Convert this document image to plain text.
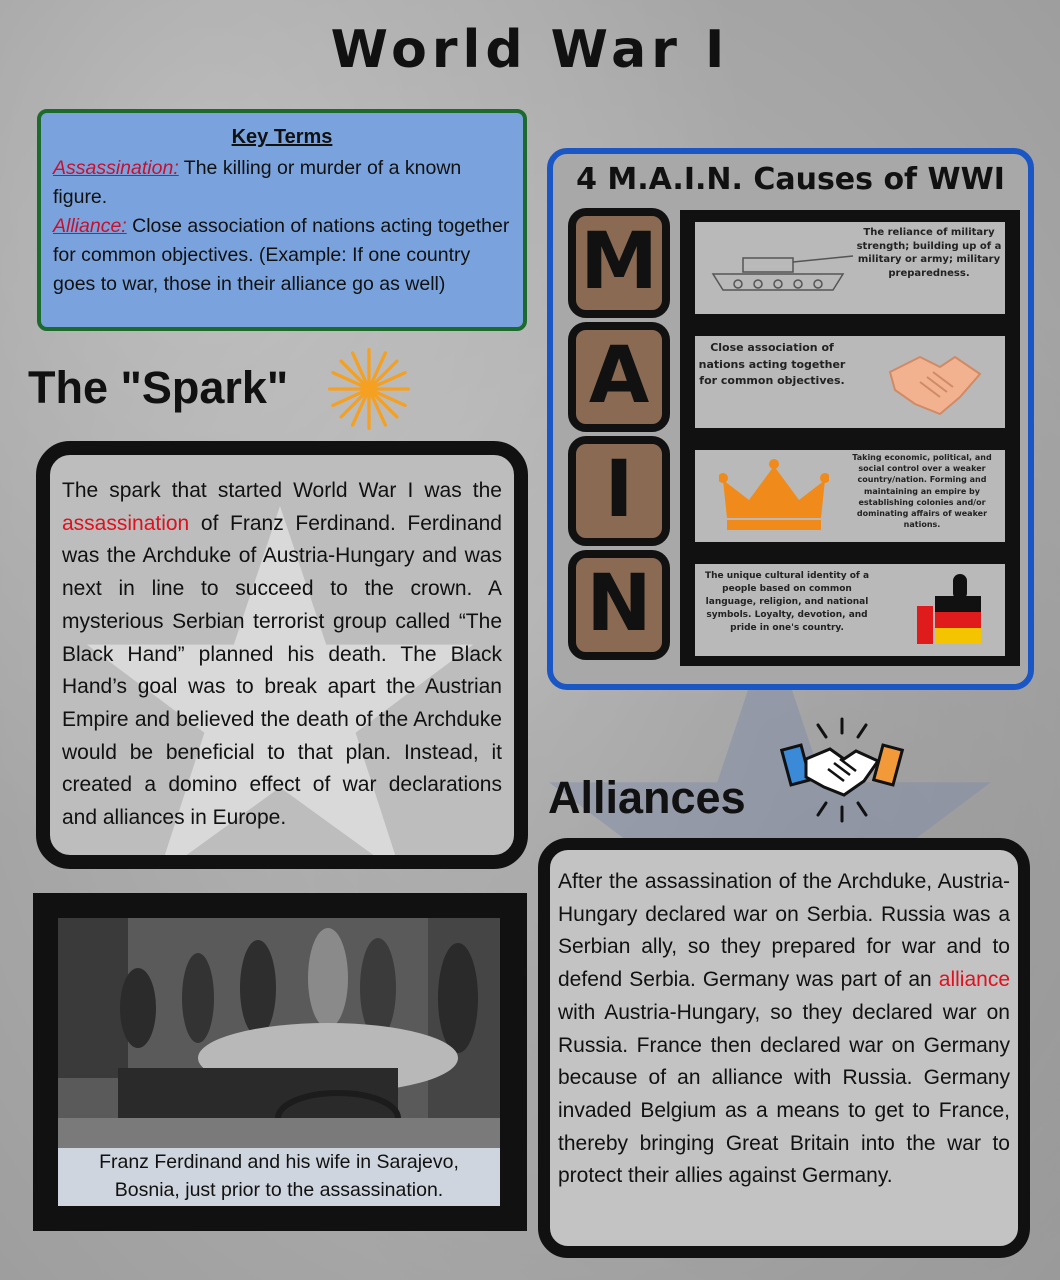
World War I
Key Terms
Assassination: The killing or murder of a known figure.
Alliance: Close association of nations acting together for common objectives. (Example: If one country goes to war, those in their alliance go as well)
The "Spark"
The spark that started World War I was the assassination of Franz Ferdinand. Ferdinand was the Archduke of Austria-Hungary and was next in line to succeed to the crown. A mysterious Serbian terrorist group called “The Black Hand” planned his death. The Black Hand’s goal was to break apart the Austrian Empire and believed the death of the Archduke would be beneficial to that plan. Instead, it created a domino effect of war declarations and alliances in Europe.
Franz Ferdinand and his wife in Sarajevo,
Bosnia, just prior to the assassination.
4 M.A.I.N. Causes of WWI
M
A
I
N
The reliance of military strength; building up of a military or army; military preparedness.
Close association of nations acting together for common objectives.
Taking economic, political, and social control over a weaker country/nation. Forming and maintaining an empire by establishing colonies and/or dominating affairs of weaker nations.
The unique cultural identity of a people based on common language, religion, and national symbols. Loyalty, devotion, and pride in one's country.
Alliances
After the assassination of the Archduke, Austria-Hungary declared war on Serbia. Russia was a Serbian ally, so they prepared for war and to defend Serbia. Germany was part of an alliance with Austria-Hungary, so they declared war on Russia. France then declared war on Germany because of an alliance with Russia. Germany invaded Belgium as a means to get to France, thereby bringing Great Britain into the war to protect their allies against Germany.
